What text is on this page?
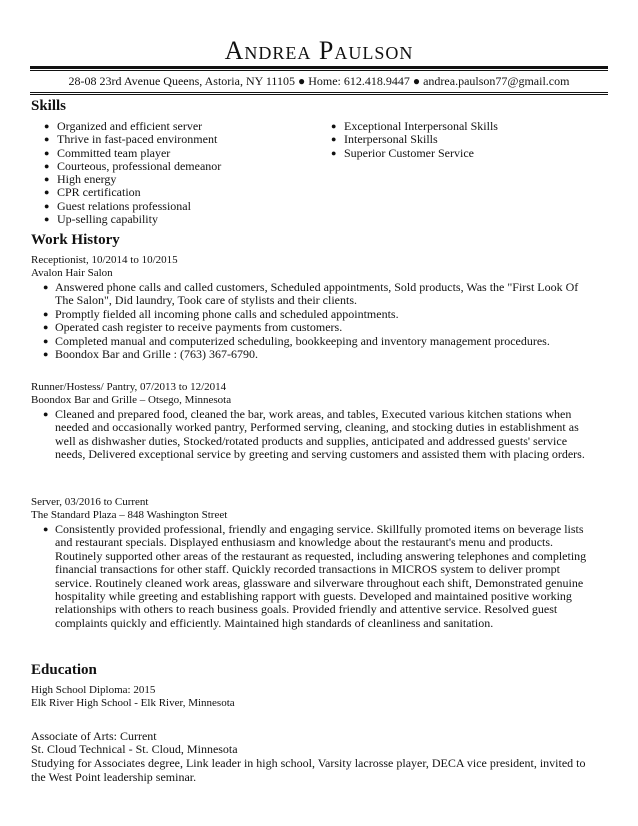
Andrea Paulson
28-08 23rd Avenue Queens, Astoria, NY 11105 ● Home: 612.418.9447 ● andrea.paulson77@gmail.com
Skills
● Organized and efficient server
● Thrive in fast-paced environment
● Committed team player
● Courteous, professional demeanor
● High energy
● CPR certification
● Guest relations professional
● Up-selling capability
● Exceptional Interpersonal Skills
● Interpersonal Skills
● Superior Customer Service
Work History
Receptionist, 10/2014 to 10/2015
Avalon Hair Salon
● Answered phone calls and called customers, Scheduled appointments, Sold products, Was the "First Look Of The Salon", Did laundry, Took care of stylists and their clients.
● Promptly fielded all incoming phone calls and scheduled appointments.
● Operated cash register to receive payments from customers.
● Completed manual and computerized scheduling, bookkeeping and inventory management procedures.
● Boondox Bar and Grille : (763) 367-6790.
Runner/Hostess/ Pantry, 07/2013 to 12/2014
Boondox Bar and Grille – Otsego, Minnesota
● Cleaned and prepared food, cleaned the bar, work areas, and tables, Executed various kitchen stations when needed and occasionally worked pantry, Performed serving, cleaning, and stocking duties in establishment as well as dishwasher duties, Stocked/rotated products and supplies, anticipated and addressed guests' service needs, Delivered exceptional service by greeting and serving customers and assisted them with placing orders.
Server, 03/2016 to Current
The Standard Plaza – 848 Washington Street
● Consistently provided professional, friendly and engaging service. Skillfully promoted items on beverage lists and restaurant specials. Displayed enthusiasm and knowledge about the restaurant's menu and products. Routinely supported other areas of the restaurant as requested, including answering telephones and completing financial transactions for other staff. Quickly recorded transactions in MICROS system to deliver prompt service. Routinely cleaned work areas, glassware and silverware throughout each shift, Demonstrated genuine hospitality while greeting and establishing rapport with guests. Developed and maintained positive working relationships with others to reach business goals. Provided friendly and attentive service. Resolved guest complaints quickly and efficiently. Maintained high standards of cleanliness and sanitation.
Education
High School Diploma: 2015
Elk River High School - Elk River, Minnesota
Associate of Arts: Current
St. Cloud Technical - St. Cloud, Minnesota
Studying for Associates degree, Link leader in high school, Varsity lacrosse player, DECA vice president, invited to the West Point leadership seminar.
